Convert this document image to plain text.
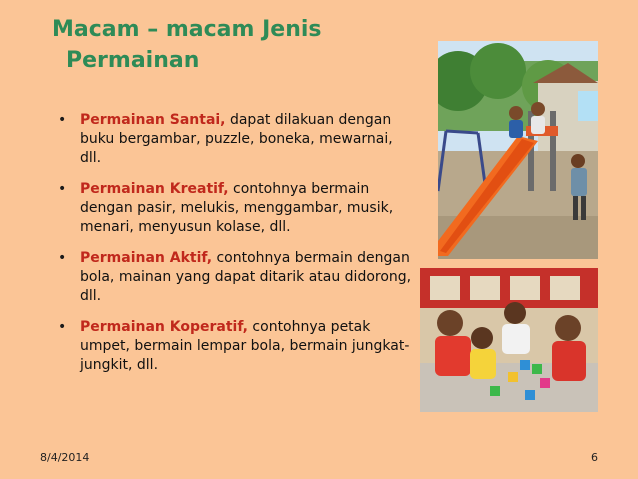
Macam – macam Jenis
Permainan
• Permainan Santai, dapat dilakuan dengan buku bergambar, puzzle, boneka, mewarnai, dll.
• Permainan Kreatif, contohnya bermain dengan pasir, melukis, menggambar, musik, menari, menyusun kolase, dll.
• Permainan Aktif, contohnya bermain dengan bola, mainan yang dapat ditarik atau didorong, dll.
• Permainan Koperatif, contohnya petak umpet, bermain lempar bola, bermain jungkat-jungkit, dll.
8/4/2014	6
